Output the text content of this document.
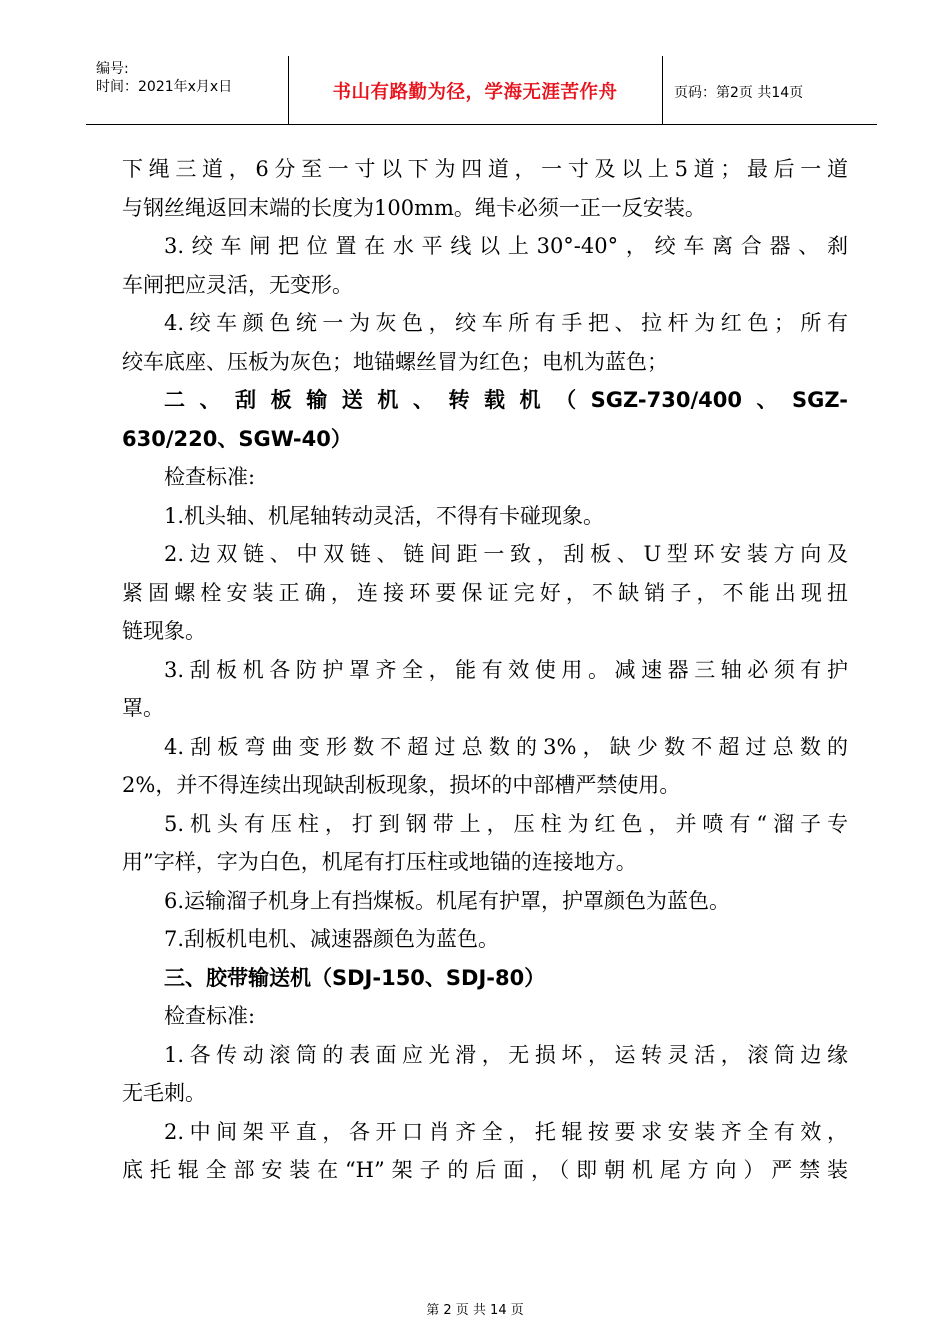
编号:
时间：2021年x月x日	书山有路勤为径，学海无涯苦作舟	页码：第2页 共14页

下绳三道，6分至一寸以下为四道，一寸及以上5道；最后一道

与钢丝绳返回末端的长度为100mm。绳卡必须一正一反安装。

3.绞车闸把位置在水平线以上30°-40°，绞车离合器、刹

车闸把应灵活，无变形。

4.绞车颜色统一为灰色，绞车所有手把、拉杆为红色；所有

绞车底座、压板为灰色；地锚螺丝冒为红色；电机为蓝色；

二、刮板输送机、转载机（SGZ-730/400、SGZ-

630/220、SGW-40）

检查标准:

1.机头轴、机尾轴转动灵活，不得有卡碰现象。

2.边双链、中双链、链间距一致，刮板、U型环安装方向及

紧固螺栓安装正确，连接环要保证完好，不缺销子，不能出现扭

链现象。

3.刮板机各防护罩齐全，能有效使用。减速器三轴必须有护

罩。

4.刮板弯曲变形数不超过总数的3%，缺少数不超过总数的

2%，并不得连续出现缺刮板现象，损坏的中部槽严禁使用。

5.机头有压柱，打到钢带上，压柱为红色，并喷有“溜子专

用”字样，字为白色，机尾有打压柱或地锚的连接地方。

6.运输溜子机身上有挡煤板。机尾有护罩，护罩颜色为蓝色。

7.刮板机电机、减速器颜色为蓝色。

三、胶带输送机（SDJ-150、SDJ-80）

检查标准:

1.各传动滚筒的表面应光滑，无损坏，运转灵活，滚筒边缘

无毛刺。

2.中间架平直，各开口肖齐全，托辊按要求安装齐全有效，

底托辊全部安装在“H”架子的后面，（即朝机尾方向）严禁装

第 2 页 共 14 页
